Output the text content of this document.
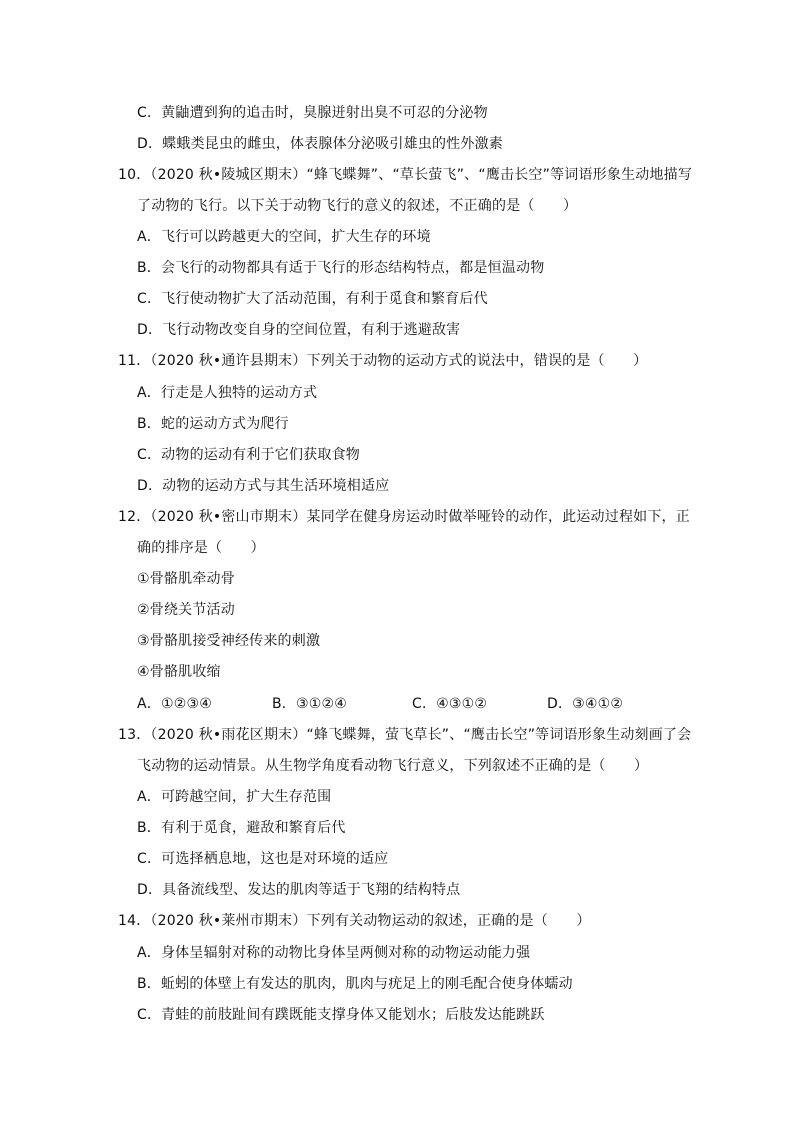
C．黄鼬遭到狗的追击时，臭腺迸射出臭不可忍的分泌物
D．蝶蛾类昆虫的雌虫，体表腺体分泌吸引雄虫的性外激素
10．（2020 秋•陵城区期末）“蜂飞蝶舞”、“草长萤飞”、“鹰击长空”等词语形象生动地描写
了动物的飞行。以下关于动物飞行的意义的叙述，不正确的是（　　）
A．飞行可以跨越更大的空间，扩大生存的环境
B．会飞行的动物都具有适于飞行的形态结构特点，都是恒温动物
C．飞行使动物扩大了活动范围，有利于觅食和繁育后代
D．飞行动物改变自身的空间位置，有利于逃避敌害
11．（2020 秋•通许县期末）下列关于动物的运动方式的说法中，错误的是（　　）
A．行走是人独特的运动方式
B．蛇的运动方式为爬行
C．动物的运动有利于它们获取食物
D．动物的运动方式与其生活环境相适应
12．（2020 秋•密山市期末）某同学在健身房运动时做举哑铃的动作，此运动过程如下，正
确的排序是（　　）
①骨骼肌牵动骨
②骨绕关节活动
③骨骼肌接受神经传来的刺激
④骨骼肌收缩
A．①②③④	B．③①②④	C．④③①②	D．③④①②
13．（2020 秋•雨花区期末）“蜂飞蝶舞，萤飞草长”、“鹰击长空”等词语形象生动刻画了会
飞动物的运动情景。从生物学角度看动物飞行意义，下列叙述不正确的是（　　）
A．可跨越空间，扩大生存范围
B．有利于觅食，避敌和繁育后代
C．可选择栖息地，这也是对环境的适应
D．具备流线型、发达的肌肉等适于飞翔的结构特点
14．（2020 秋•莱州市期末）下列有关动物运动的叙述，正确的是（　　）
A．身体呈辐射对称的动物比身体呈两侧对称的动物运动能力强
B．蚯蚓的体壁上有发达的肌肉，肌肉与疣足上的刚毛配合使身体蠕动
C．青蛙的前肢趾间有蹼既能支撑身体又能划水；后肢发达能跳跃
